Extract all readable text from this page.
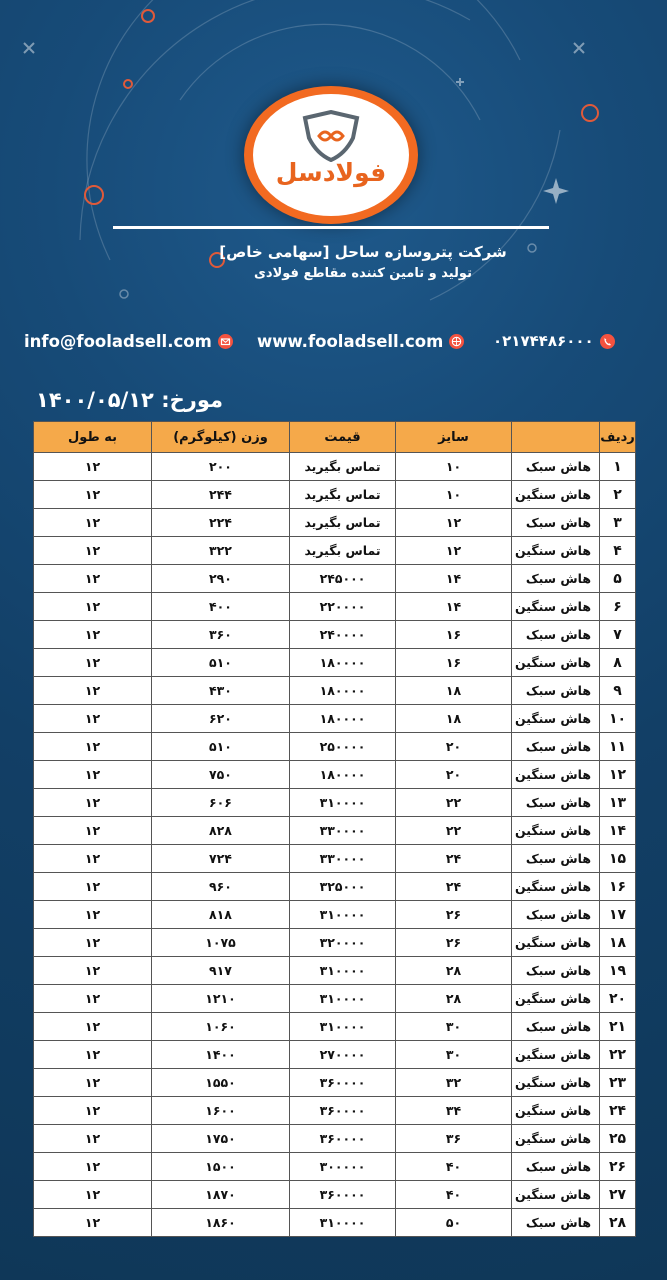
فولادسل
شرکت پتروسازه ساحل [سهامی خاص]
تولید و تامین کننده مقاطع فولادی
info@fooladsell.com	www.fooladsell.com	۰۲۱۷۴۴۸۶۰۰۰
مورخ: ۱۴۰۰/۰۵/۱۲
ردیف		سایز	قیمت	وزن (کیلوگرم)	به طول
۱	هاش سبک	۱۰	تماس بگیرید	۲۰۰	۱۲
۲	هاش سنگین	۱۰	تماس بگیرید	۲۴۴	۱۲
۳	هاش سبک	۱۲	تماس بگیرید	۲۲۴	۱۲
۴	هاش سنگین	۱۲	تماس بگیرید	۳۲۲	۱۲
۵	هاش سبک	۱۴	۲۴۵۰۰۰	۲۹۰	۱۲
۶	هاش سنگین	۱۴	۲۲۰۰۰۰	۴۰۰	۱۲
۷	هاش سبک	۱۶	۲۴۰۰۰۰	۳۶۰	۱۲
۸	هاش سنگین	۱۶	۱۸۰۰۰۰	۵۱۰	۱۲
۹	هاش سبک	۱۸	۱۸۰۰۰۰	۴۳۰	۱۲
۱۰	هاش سنگین	۱۸	۱۸۰۰۰۰	۶۲۰	۱۲
۱۱	هاش سبک	۲۰	۲۵۰۰۰۰	۵۱۰	۱۲
۱۲	هاش سنگین	۲۰	۱۸۰۰۰۰	۷۵۰	۱۲
۱۳	هاش سبک	۲۲	۳۱۰۰۰۰	۶۰۶	۱۲
۱۴	هاش سنگین	۲۲	۳۳۰۰۰۰	۸۲۸	۱۲
۱۵	هاش سبک	۲۴	۳۳۰۰۰۰	۷۲۴	۱۲
۱۶	هاش سنگین	۲۴	۳۲۵۰۰۰	۹۶۰	۱۲
۱۷	هاش سبک	۲۶	۳۱۰۰۰۰	۸۱۸	۱۲
۱۸	هاش سنگین	۲۶	۳۲۰۰۰۰	۱۰۷۵	۱۲
۱۹	هاش سبک	۲۸	۳۱۰۰۰۰	۹۱۷	۱۲
۲۰	هاش سنگین	۲۸	۳۱۰۰۰۰	۱۲۱۰	۱۲
۲۱	هاش سبک	۳۰	۳۱۰۰۰۰	۱۰۶۰	۱۲
۲۲	هاش سنگین	۳۰	۲۷۰۰۰۰	۱۴۰۰	۱۲
۲۳	هاش سنگین	۳۲	۳۶۰۰۰۰	۱۵۵۰	۱۲
۲۴	هاش سنگین	۳۴	۳۶۰۰۰۰	۱۶۰۰	۱۲
۲۵	هاش سنگین	۳۶	۳۶۰۰۰۰	۱۷۵۰	۱۲
۲۶	هاش سبک	۴۰	۳۰۰۰۰۰	۱۵۰۰	۱۲
۲۷	هاش سنگین	۴۰	۳۶۰۰۰۰	۱۸۷۰	۱۲
۲۸	هاش سبک	۵۰	۳۱۰۰۰۰	۱۸۶۰	۱۲
